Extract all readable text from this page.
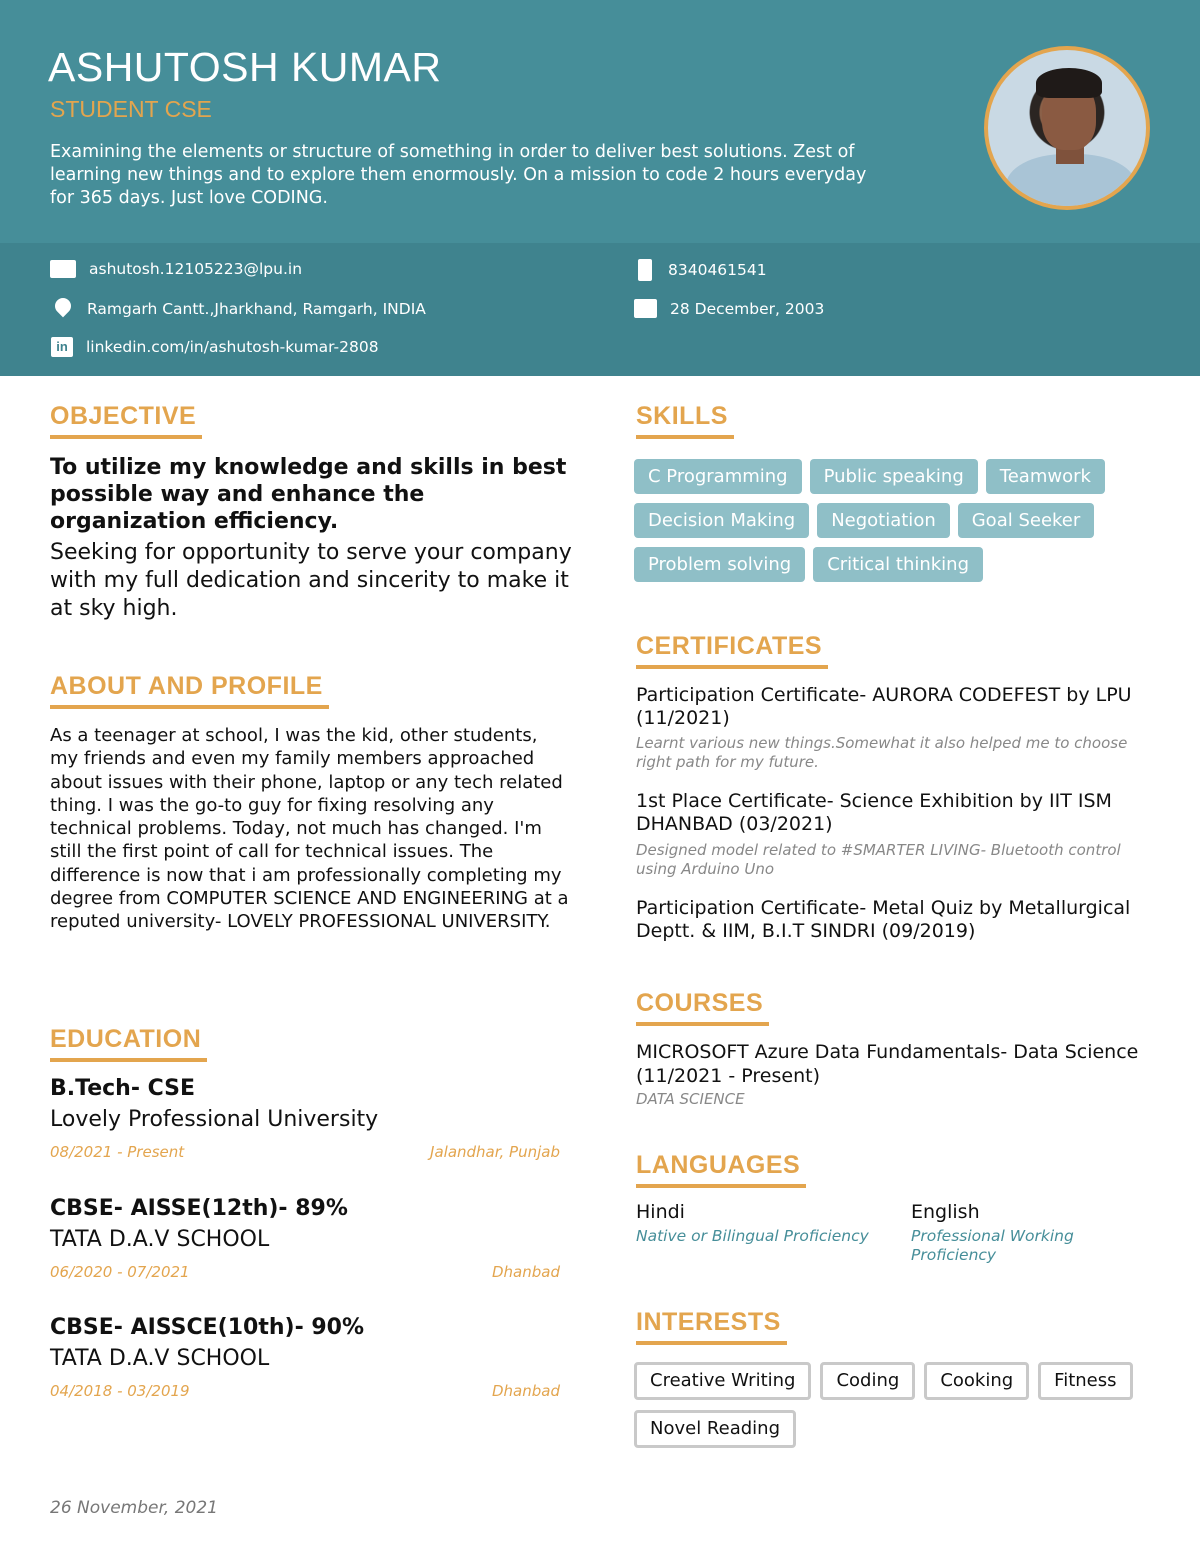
ASHUTOSH KUMAR
STUDENT CSE
Examining the elements or structure of something in order to deliver best solutions. Zest of learning new things and to explore them enormously. On a mission to code 2 hours everyday for 365 days. Just love CODING.
ashutosh.12105223@lpu.in	8340461541
Ramgarh Cantt.,Jharkhand, Ramgarh, INDIA	28 December, 2003
in	linkedin.com/in/ashutosh-kumar-2808
OBJECTIVE
To utilize my knowledge and skills in best possible way and enhance the organization efficiency.
Seeking for opportunity to serve your company with my full dedication and sincerity to make it at sky high.
ABOUT AND PROFILE
As a teenager at school, I was the kid, other students, my friends and even my family members approached about issues with their phone, laptop or any tech related thing. I was the go-to guy for fixing resolving any technical problems. Today, not much has changed. I'm still the first point of call for technical issues. The difference is now that i am professionally completing my degree from COMPUTER SCIENCE AND ENGINEERING at a reputed university- LOVELY PROFESSIONAL UNIVERSITY.
EDUCATION
B.Tech- CSE
Lovely Professional University
08/2021 - Present	Jalandhar, Punjab
CBSE- AISSE(12th)- 89%
TATA D.A.V SCHOOL
06/2020 - 07/2021	Dhanbad
CBSE- AISSCE(10th)- 90%
TATA D.A.V SCHOOL
04/2018 - 03/2019	Dhanbad
26 November, 2021
SKILLS
C Programming	Public speaking	Teamwork
Decision Making	Negotiation	Goal Seeker
Problem solving	Critical thinking
CERTIFICATES
Participation Certificate- AURORA CODEFEST by LPU (11/2021)
Learnt various new things.Somewhat it also helped me to choose right path for my future.
1st Place Certificate- Science Exhibition by IIT ISM DHANBAD (03/2021)
Designed model related to #SMARTER LIVING- Bluetooth control using Arduino Uno
Participation Certificate- Metal Quiz by Metallurgical Deptt. & IIM, B.I.T SINDRI (09/2019)
COURSES
MICROSOFT Azure Data Fundamentals- Data Science (11/2021 - Present)
DATA SCIENCE
LANGUAGES
Hindi
Native or Bilingual Proficiency
English
Professional Working Proficiency
INTERESTS
Creative Writing	Coding	Cooking	Fitness
Novel Reading
